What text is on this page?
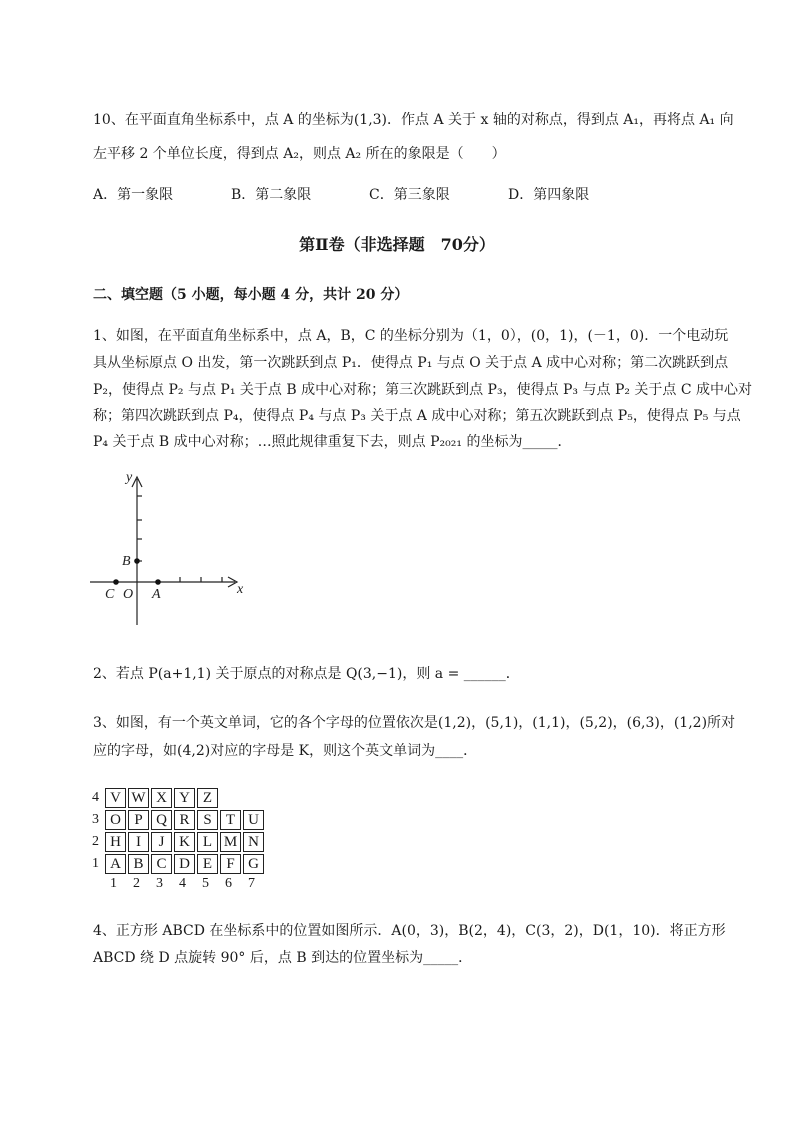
10、在平面直角坐标系中，点 A 的坐标为(1,3)．作点 A 关于 x 轴的对称点，得到点 A₁，再将点 A₁ 向
左平移 2 个单位长度，得到点 A₂，则点 A₂ 所在的象限是（　　）
A．第一象限	B．第二象限	C．第三象限	D．第四象限
第Ⅱ卷（非选择题　70分）
二、填空题（5 小题，每小题 4 分，共计 20 分）
1、如图，在平面直角坐标系中，点 A，B，C 的坐标分别为（1，0），(0，1)，(－1，0)．一个电动玩
具从坐标原点 O 出发，第一次跳跃到点 P₁．使得点 P₁ 与点 O 关于点 A 成中心对称；第二次跳跃到点
P₂，使得点 P₂ 与点 P₁ 关于点 B 成中心对称；第三次跳跃到点 P₃，使得点 P₃ 与点 P₂ 关于点 C 成中心对
称；第四次跳跃到点 P₄，使得点 P₄ 与点 P₃ 关于点 A 成中心对称；第五次跳跃到点 P₅，使得点 P₅ 与点
P₄ 关于点 B 成中心对称；…照此规律重复下去，则点 P₂₀₂₁ 的坐标为_____．
y
x
B
C O A
2、若点 P(a+1,1) 关于原点的对称点是 Q(3,−1)，则 a = ______．
3、如图，有一个英文单词，它的各个字母的位置依次是(1,2)，(5,1)，(1,1)，(5,2)，(6,3)，(1,2)所对
应的字母，如(4,2)对应的字母是 K，则这个英文单词为____．
4 V W X Y Z
3 O P Q R S T U
2 H	I	J K L M N
1 A B C D E F G
1 2 3 4 5 6 7
4、正方形 ABCD 在坐标系中的位置如图所示．A(0，3)，B(2，4)，C(3，2)，D(1，10)．将正方形
ABCD 绕 D 点旋转 90° 后，点 B 到达的位置坐标为_____．
